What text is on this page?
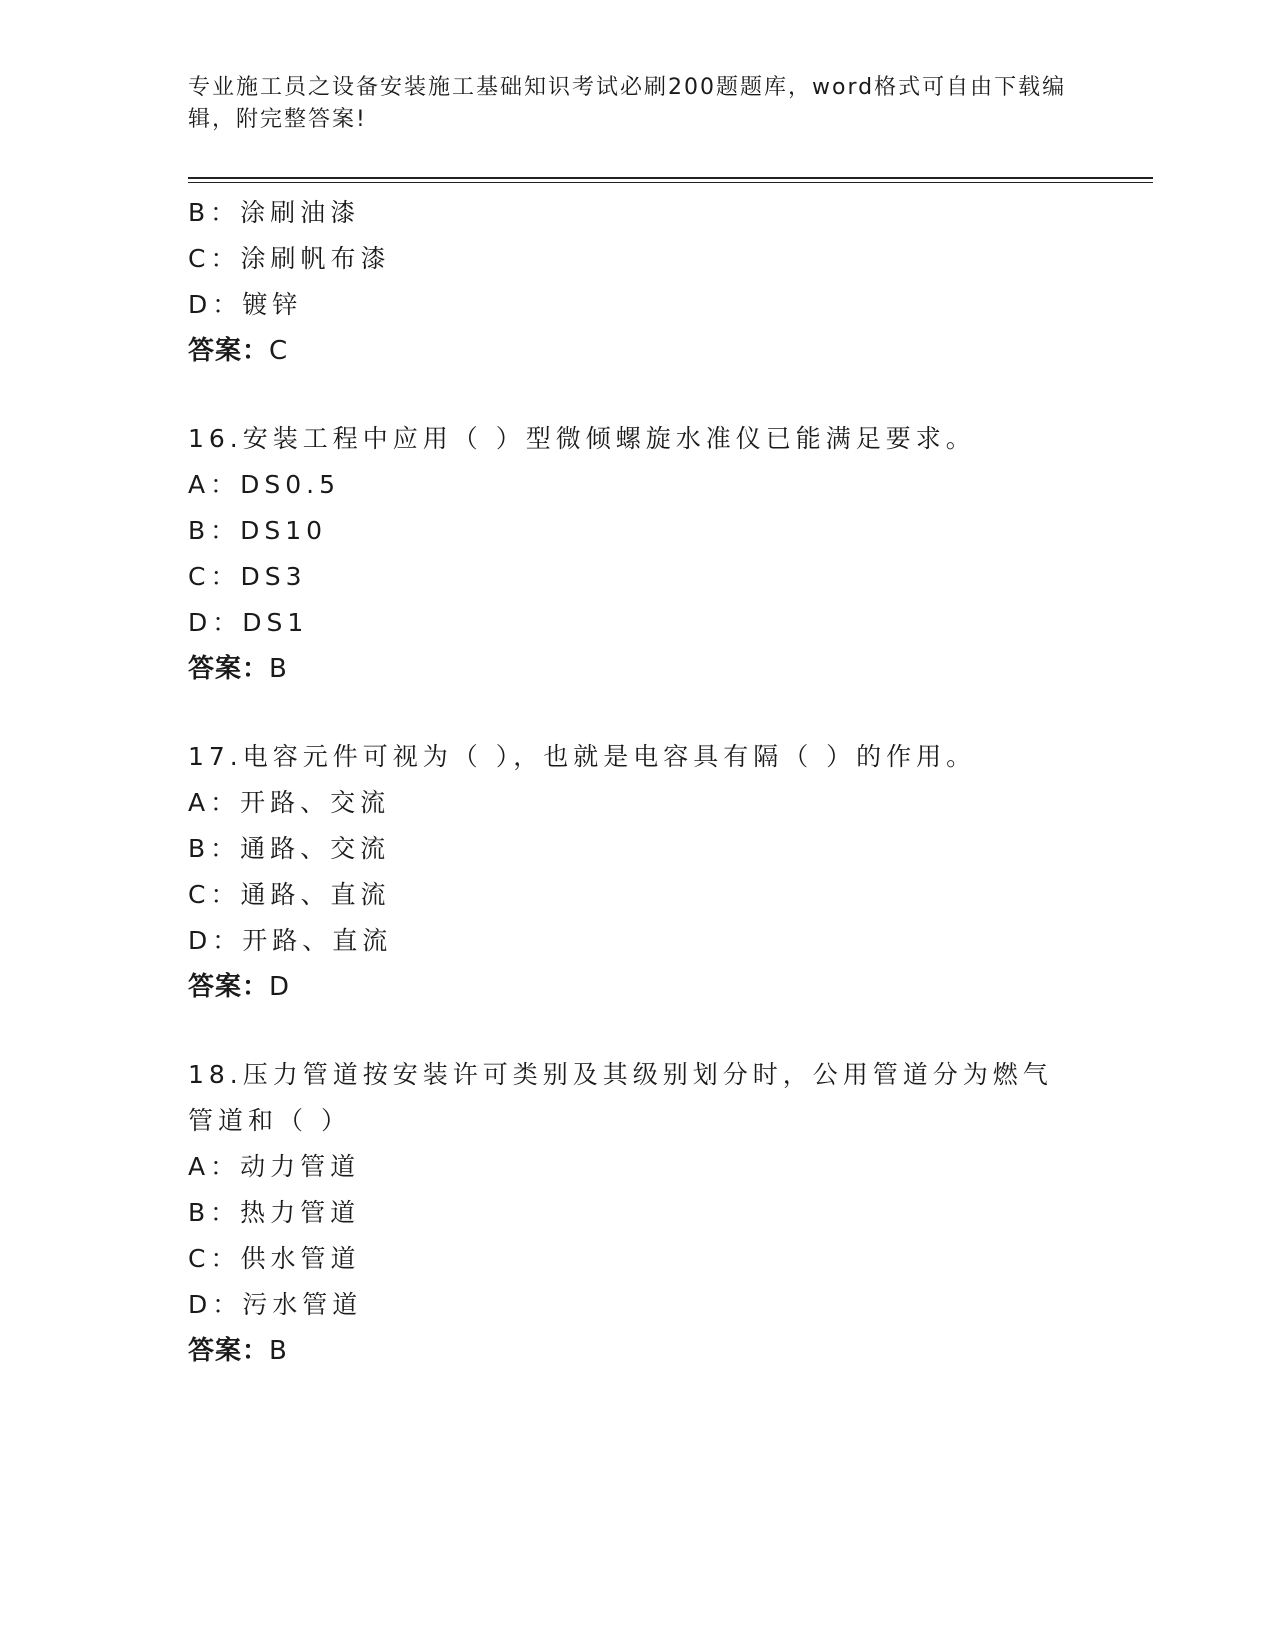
专业施工员之设备安装施工基础知识考试必刷200题题库，word格式可自由下载编辑，附完整答案!
B：涂刷油漆
C：涂刷帆布漆
D：镀锌
答案：C
16.安装工程中应用（ ）型微倾螺旋水准仪已能满足要求。
A：DS0.5
B：DS10
C：DS3
D：DS1
答案：B
17.电容元件可视为（ ），也就是电容具有隔（ ）的作用。
A：开路、交流
B：通路、交流
C：通路、直流
D：开路、直流
答案：D
18.压力管道按安装许可类别及其级别划分时，公用管道分为燃气管道和（ ）
A：动力管道
B：热力管道
C：供水管道
D：污水管道
答案：B
